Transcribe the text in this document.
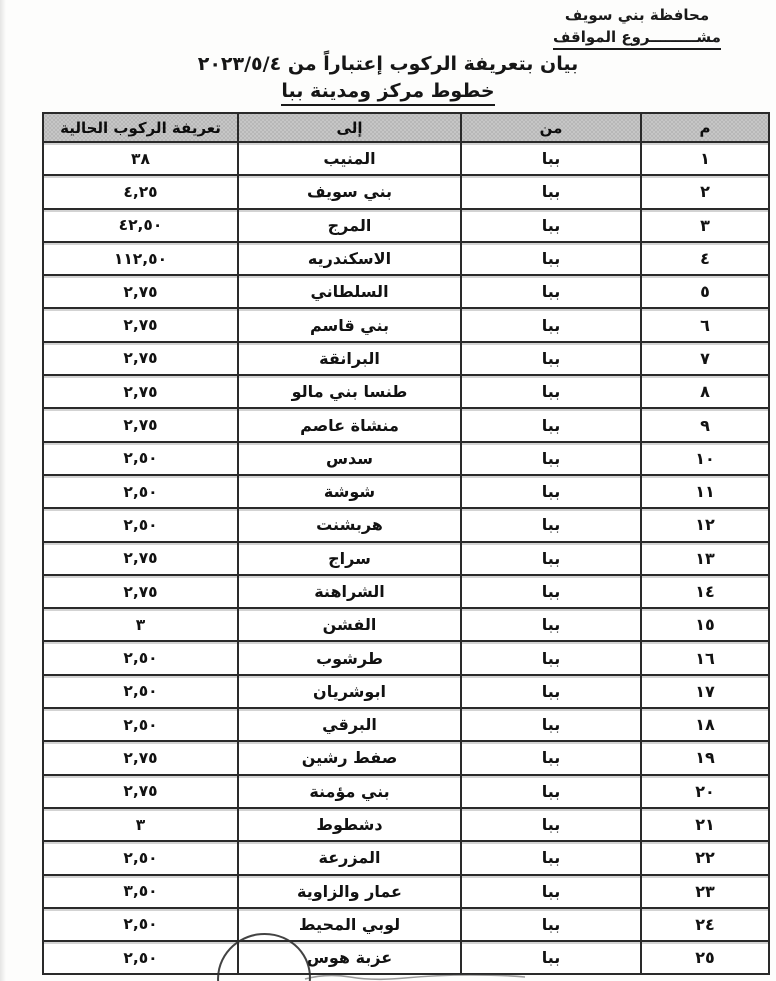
محافظة بني سويف
مشـــــــــروع المواقف
بيان بتعريفة الركوب إعتباراً من ٢٠٢٣/٥/٤
خطوط مركز ومدينة ببا
م	من	إلى	تعريفة الركوب الحالية
١	ببا	المنيب	٣٨
٢	ببا	بني سويف	٤,٢٥
٣	ببا	المرج	٤٢,٥٠
٤	ببا	الاسكندريه	١١٢,٥٠
٥	ببا	السلطاني	٢,٧٥
٦	ببا	بني قاسم	٢,٧٥
٧	ببا	البرانقة	٢,٧٥
٨	ببا	طنسا بني مالو	٢,٧٥
٩	ببا	منشاة عاصم	٢,٧٥
١٠	ببا	سدس	٢,٥٠
١١	ببا	شوشة	٢,٥٠
١٢	ببا	هربشنت	٢,٥٠
١٣	ببا	سراج	٢,٧٥
١٤	ببا	الشراهنة	٢,٧٥
١٥	ببا	الفشن	٣
١٦	ببا	طرشوب	٢,٥٠
١٧	ببا	ابوشريان	٢,٥٠
١٨	ببا	البرقي	٢,٥٠
١٩	ببا	صفط رشين	٢,٧٥
٢٠	ببا	بني مؤمنة	٢,٧٥
٢١	ببا	دشطوط	٣
٢٢	ببا	المزرعة	٢,٥٠
٢٣	ببا	عمار والزاوية	٣,٥٠
٢٤	ببا	لوبي المحيط	٢,٥٠
٢٥	ببا	عزبة هوس	٢,٥٠
